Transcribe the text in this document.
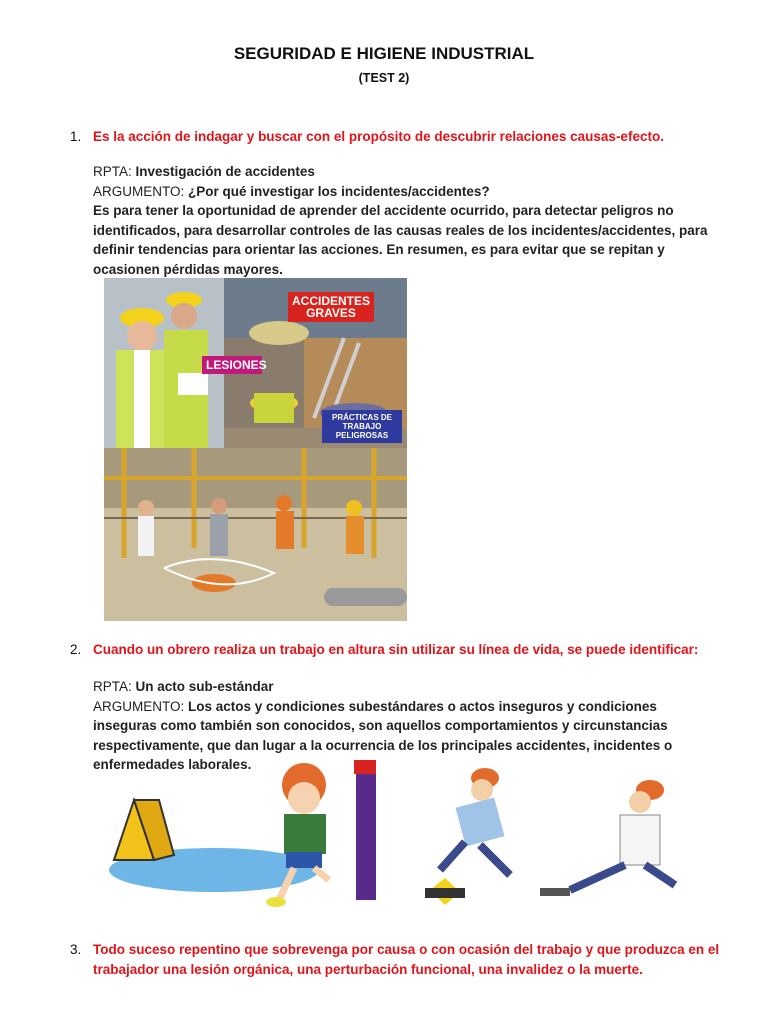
SEGURIDAD E HIGIENE INDUSTRIAL
(TEST 2)
1. Es la acción de indagar y buscar con el propósito de descubrir relaciones causas-efecto.
RPTA: Investigación de accidentes
ARGUMENTO: ¿Por qué investigar los incidentes/accidentes?
Es para tener la oportunidad de aprender del accidente ocurrido, para detectar peligros no identificados, para desarrollar controles de las causas reales de los incidentes/accidentes, para definir tendencias para orientar las acciones. En resumen, es para evitar que se repitan y ocasionen pérdidas mayores.
ACCIDENTES GRAVES
LESIONES
PRÁCTICAS DE TRABAJO PELIGROSAS
2. Cuando un obrero realiza un trabajo en altura sin utilizar su línea de vida, se puede identificar:
RPTA: Un acto sub-estándar
ARGUMENTO: Los actos y condiciones subestándares o actos inseguros y condiciones inseguras como también son conocidos, son aquellos comportamientos y circunstancias respectivamente, que dan lugar a la ocurrencia de los principales accidentes, incidentes o enfermedades laborales.
3. Todo suceso repentino que sobrevenga por causa o con ocasión del trabajo y que produzca en el trabajador una lesión orgánica, una perturbación funcional, una invalidez o la muerte.
